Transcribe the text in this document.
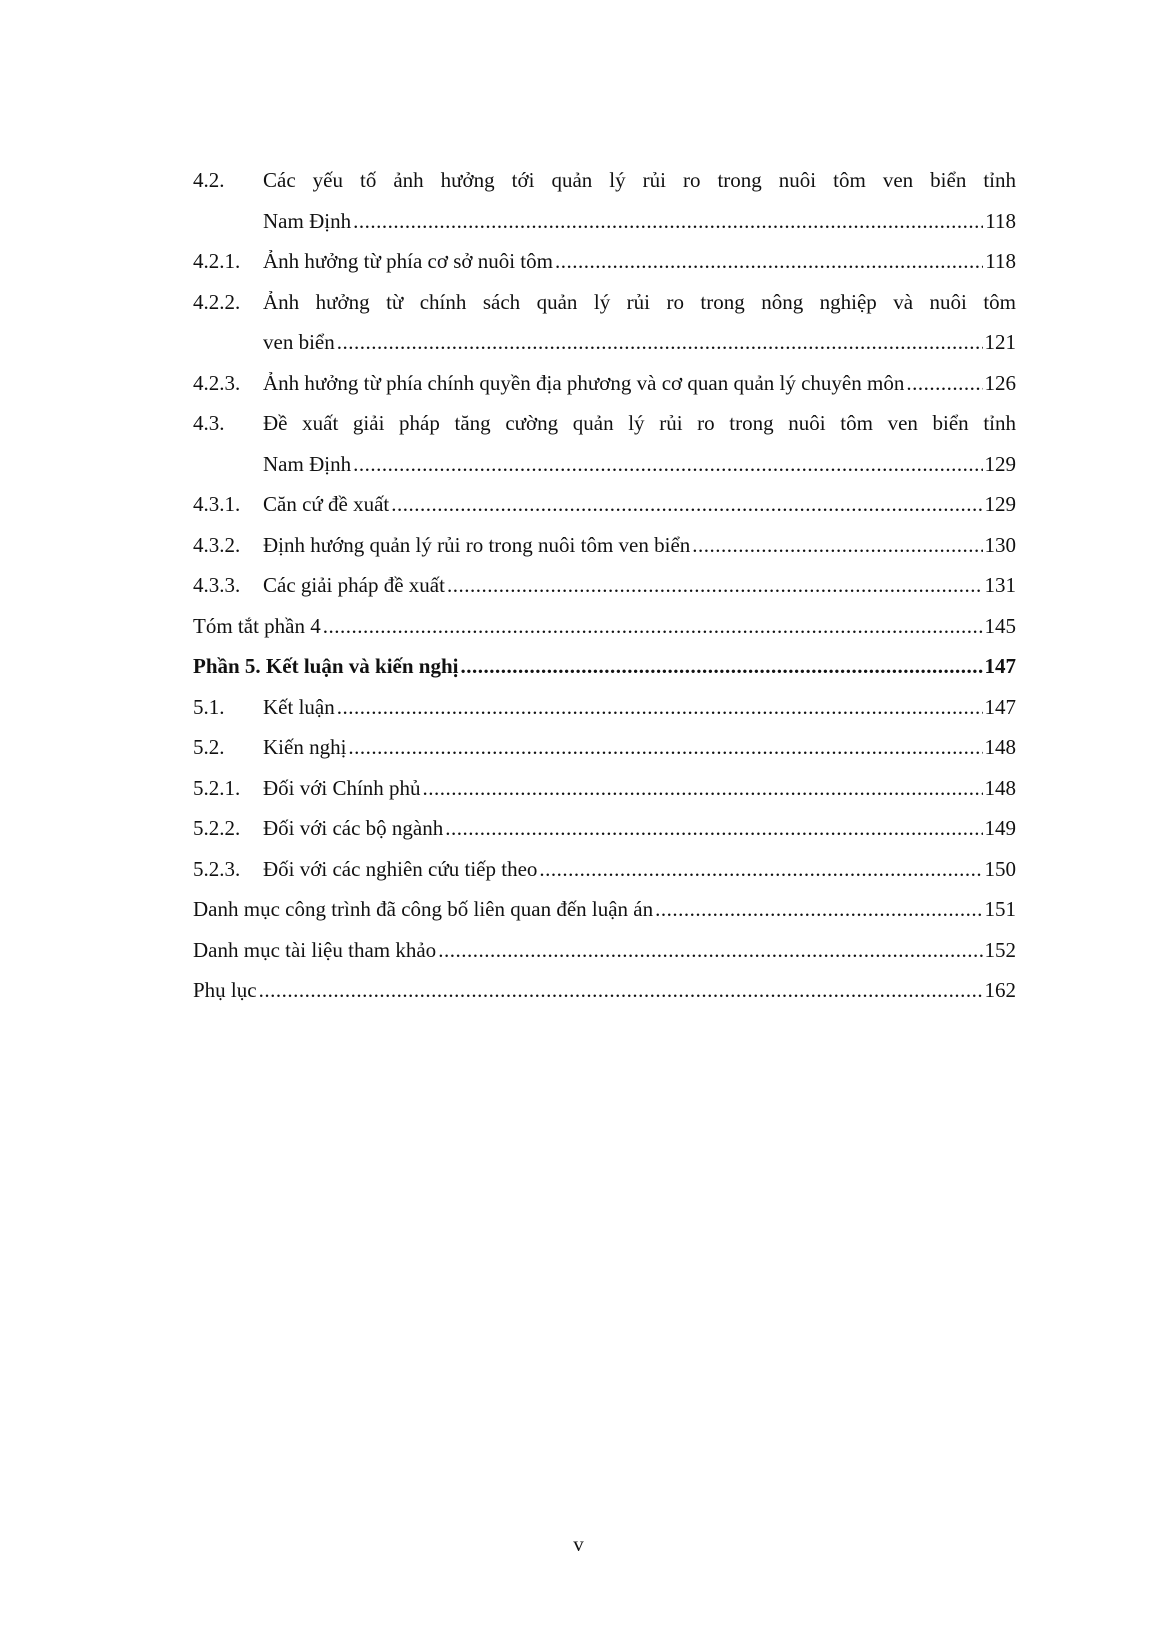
4.2.	Các yếu tố ảnh hưởng tới quản lý rủi ro trong nuôi tôm ven biển tỉnh
Nam Định .....	118
4.2.1.	Ảnh hưởng từ phía cơ sở nuôi tôm .....	118
4.2.2.	Ảnh hưởng từ chính sách quản lý rủi ro trong nông nghiệp và nuôi tôm
ven biển .....	121
4.2.3.	Ảnh hưởng từ phía chính quyền địa phương và cơ quan quản lý chuyên môn .....	126
4.3.	Đề xuất giải pháp tăng cường quản lý rủi ro trong nuôi tôm ven biển tỉnh
Nam Định .....	129
4.3.1.	Căn cứ đề xuất .....	129
4.3.2.	Định hướng quản lý rủi ro trong nuôi tôm ven biển .....	130
4.3.3.	Các giải pháp đề xuất .....	131
Tóm tắt phần 4 .....	145
Phần 5. Kết luận và kiến nghị .....	147
5.1.	Kết luận .....	147
5.2.	Kiến nghị .....	148
5.2.1.	Đối với Chính phủ .....	148
5.2.2.	Đối với các bộ ngành .....	149
5.2.3.	Đối với các nghiên cứu tiếp theo .....	150
Danh mục công trình đã công bố liên quan đến luận án .....	151
Danh mục tài liệu tham khảo .....	152
Phụ lục .....	162
v
